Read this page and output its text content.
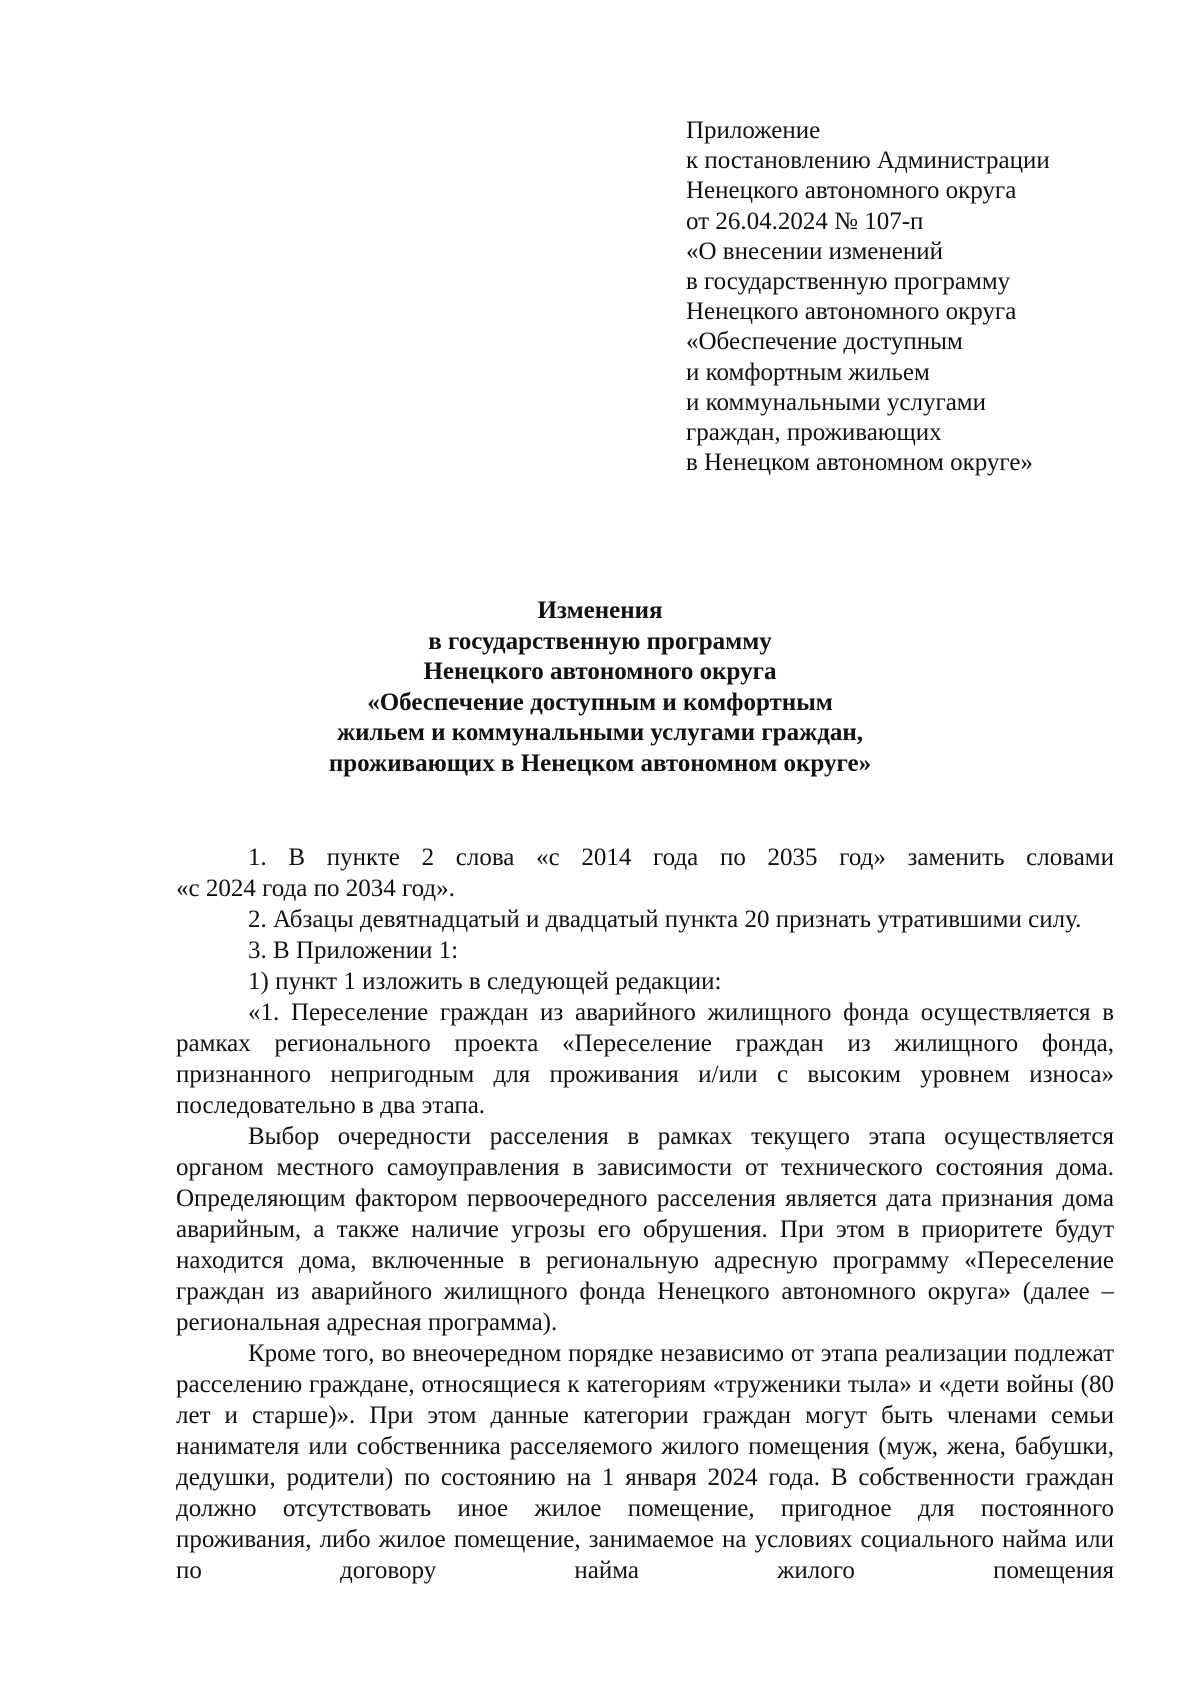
Приложение
к постановлению Администрации
Ненецкого автономного округа
от 26.04.2024 № 107-п
«О внесении изменений
в государственную программу
Ненецкого автономного округа
«Обеспечение доступным
и комфортным жильем
и коммунальными услугами
граждан, проживающих
в Ненецком автономном округе»
Изменения
в государственную программу
Ненецкого автономного округа
«Обеспечение доступным и комфортным
жильем и коммунальными услугами граждан,
проживающих в Ненецком автономном округе»

1. В пункте 2 слова «с 2014 года по 2035 год» заменить словами

«с 2024 года по 2034 год».

2. Абзацы девятнадцатый и двадцатый пункта 20 признать утратившими силу.

3. В Приложении 1:

1) пункт 1 изложить в следующей редакции:

«1. Переселение граждан из аварийного жилищного фонда осуществляется в рамках регионального проекта «Переселение граждан из жилищного фонда, признанного непригодным для проживания и/или с высоким уровнем износа» последовательно в два этапа.

Выбор очередности расселения в рамках текущего этапа осуществляется органом местного самоуправления в зависимости от технического состояния дома. Определяющим фактором первоочередного расселения является дата признания дома аварийным, а также наличие угрозы его обрушения. При этом в приоритете будут находится дома, включенные в региональную адресную программу «Переселение граждан из аварийного жилищного фонда Ненецкого автономного округа» (далее – региональная адресная программа).

Кроме того, во внеочередном порядке независимо от этапа реализации подлежат расселению граждане, относящиеся к категориям «труженики тыла» и «дети войны (80 лет и старше)». При этом данные категории граждан могут быть членами семьи нанимателя или собственника расселяемого жилого помещения (муж, жена, бабушки, дедушки, родители) по состоянию на 1 января 2024 года. В собственности граждан должно отсутствовать иное жилое помещение, пригодное для постоянного проживания, либо жилое помещение, занимаемое на условиях социального найма или по договору найма жилого помещения
